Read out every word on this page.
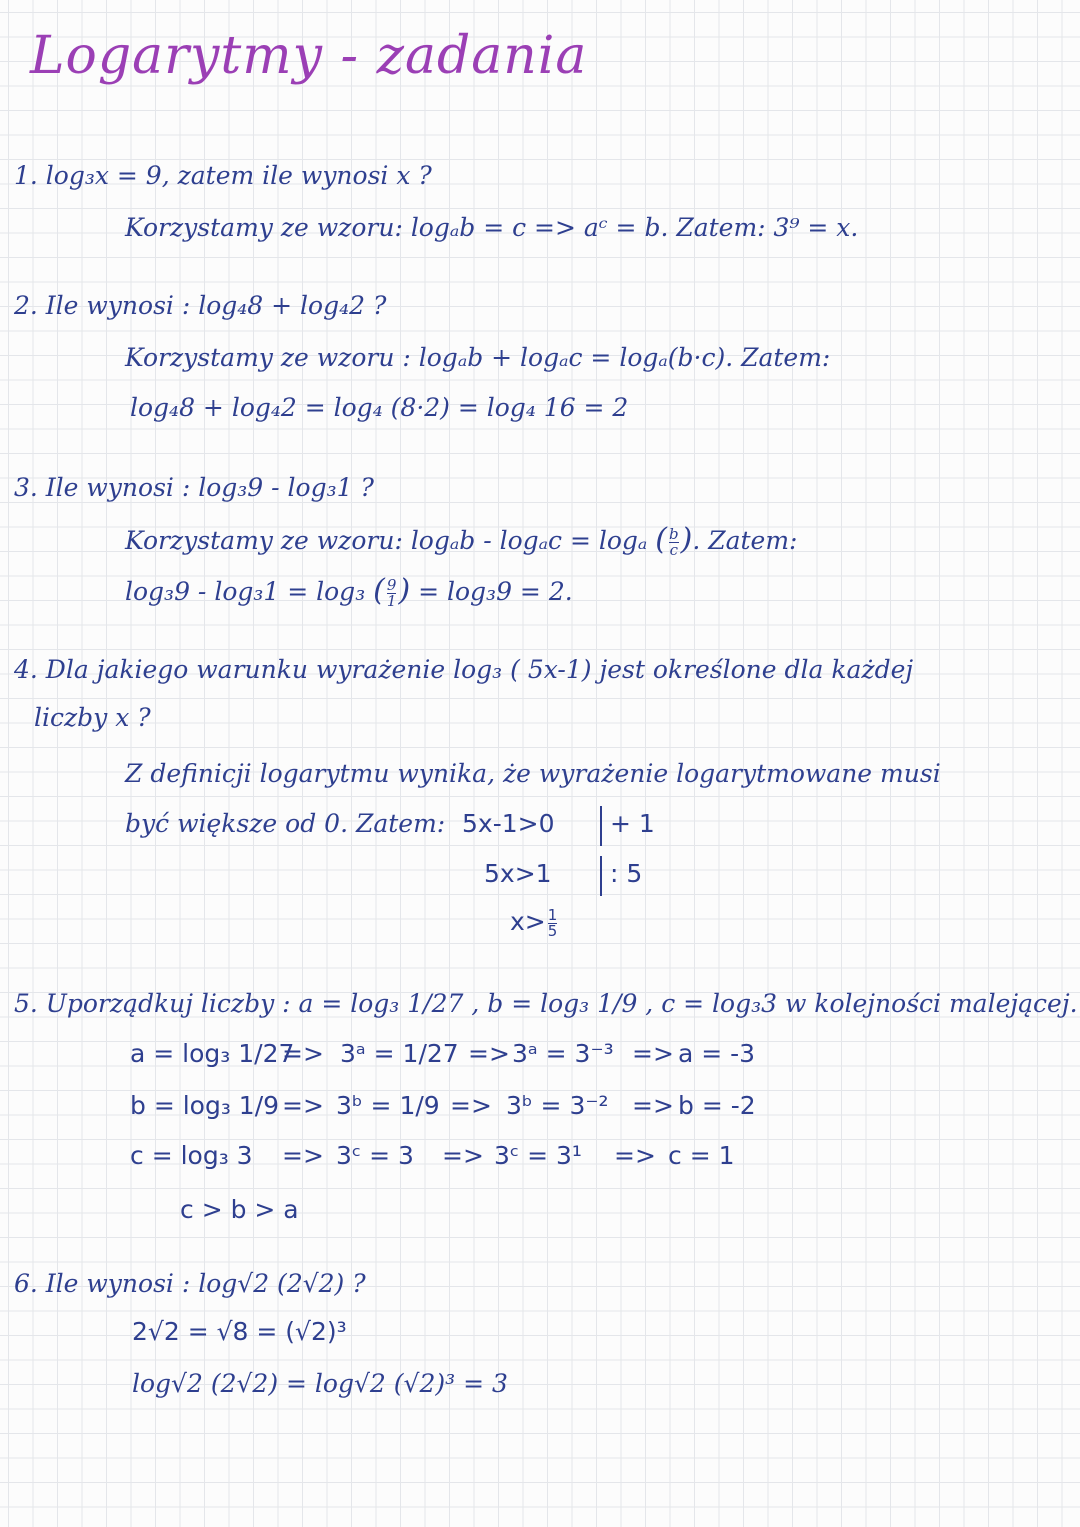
Logarytmy - zadania
1. log₃x = 9, zatem ile wynosi x ?
Korzystamy ze wzoru: logₐb = c => aᶜ = b. Zatem: 3⁹ = x.
2. Ile wynosi : log₄8 + log₄2 ?
Korzystamy ze wzoru : logₐb + logₐc = logₐ(b·c). Zatem:
log₄8 + log₄2 = log₄ (8·2) = log₄ 16 = 2
3. Ile wynosi : log₃9 - log₃1 ?
Korzystamy ze wzoru: logₐb - logₐc = logₐ ( $\frac{b}{c}$ ). Zatem:
log₃9 - log₃1 = log₃ ( $\frac{9}{1}$ ) = log₃9 = 2.
4. Dla jakiego warunku wyrażenie log₃ ( 5x-1) jest określone dla każdej
liczby x ?
Z definicji logarytmu wynika, że wyrażenie logarytmowane musi
być większe od 0. Zatem: 5x-1>0 + 1
5x>1 : 5
$x> \frac{1}{5}$
5. Uporządkuj liczby : a = log₃ 1/27 , b = log₃ 1/9 , c = log₃3 w kolejności malejącej.
a = log₃ 1/27
=> 3ᵃ = 1/27 => 3ᵃ = 3⁻³ => a = -3
b = log₃ 1/9 => 3ᵇ = 1/9 => 3ᵇ = 3⁻² => b = -2
c = log₃ 3 => 3ᶜ = 3 => 3ᶜ = 3¹ => c = 1
c > b > a
6. Ile wynosi : log√2 (2√2) ?
2√2 = √8 = (√2)³
log√2 (2√2) = log√2 (√2)³ = 3
